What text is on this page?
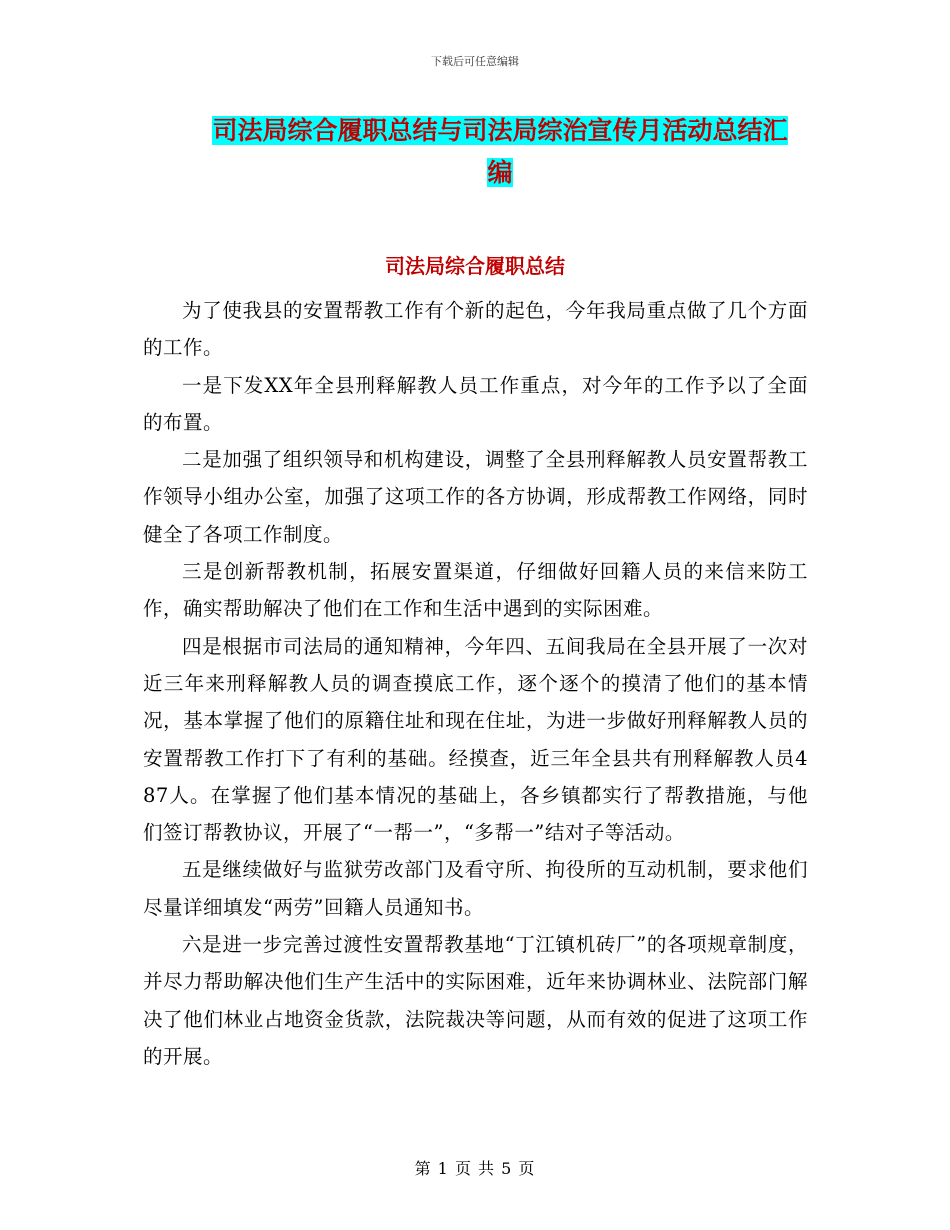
下载后可任意编辑
司法局综合履职总结与司法局综治宣传月活动总结汇
编
司法局综合履职总结

为了使我县的安置帮教工作有个新的起色，今年我局重点做了几个方面的工作。

一是下发XX年全县刑释解教人员工作重点，对今年的工作予以了全面的布置。

二是加强了组织领导和机构建设，调整了全县刑释解教人员安置帮教工作领导小组办公室，加强了这项工作的各方协调，形成帮教工作网络，同时健全了各项工作制度。

三是创新帮教机制，拓展安置渠道，仔细做好回籍人员的来信来防工作，确实帮助解决了他们在工作和生活中遇到的实际困难。

四是根据市司法局的通知精神，今年四、五间我局在全县开展了一次对近三年来刑释解教人员的调查摸底工作，逐个逐个的摸清了他们的基本情况，基本掌握了他们的原籍住址和现在住址，为进一步做好刑释解教人员的安置帮教工作打下了有利的基础。经摸查，近三年全县共有刑释解教人员487人。在掌握了他们基本情况的基础上，各乡镇都实行了帮教措施，与他们签订帮教协议，开展了“一帮一”，“多帮一”结对子等活动。

五是继续做好与监狱劳改部门及看守所、拘役所的互动机制，要求他们尽量详细填发“两劳”回籍人员通知书。

六是进一步完善过渡性安置帮教基地“丁江镇机砖厂”的各项规章制度，并尽力帮助解决他们生产生活中的实际困难，近年来协调林业、法院部门解决了他们林业占地资金货款，法院裁决等问题，从而有效的促进了这项工作的开展。

第 1 页 共 5 页
